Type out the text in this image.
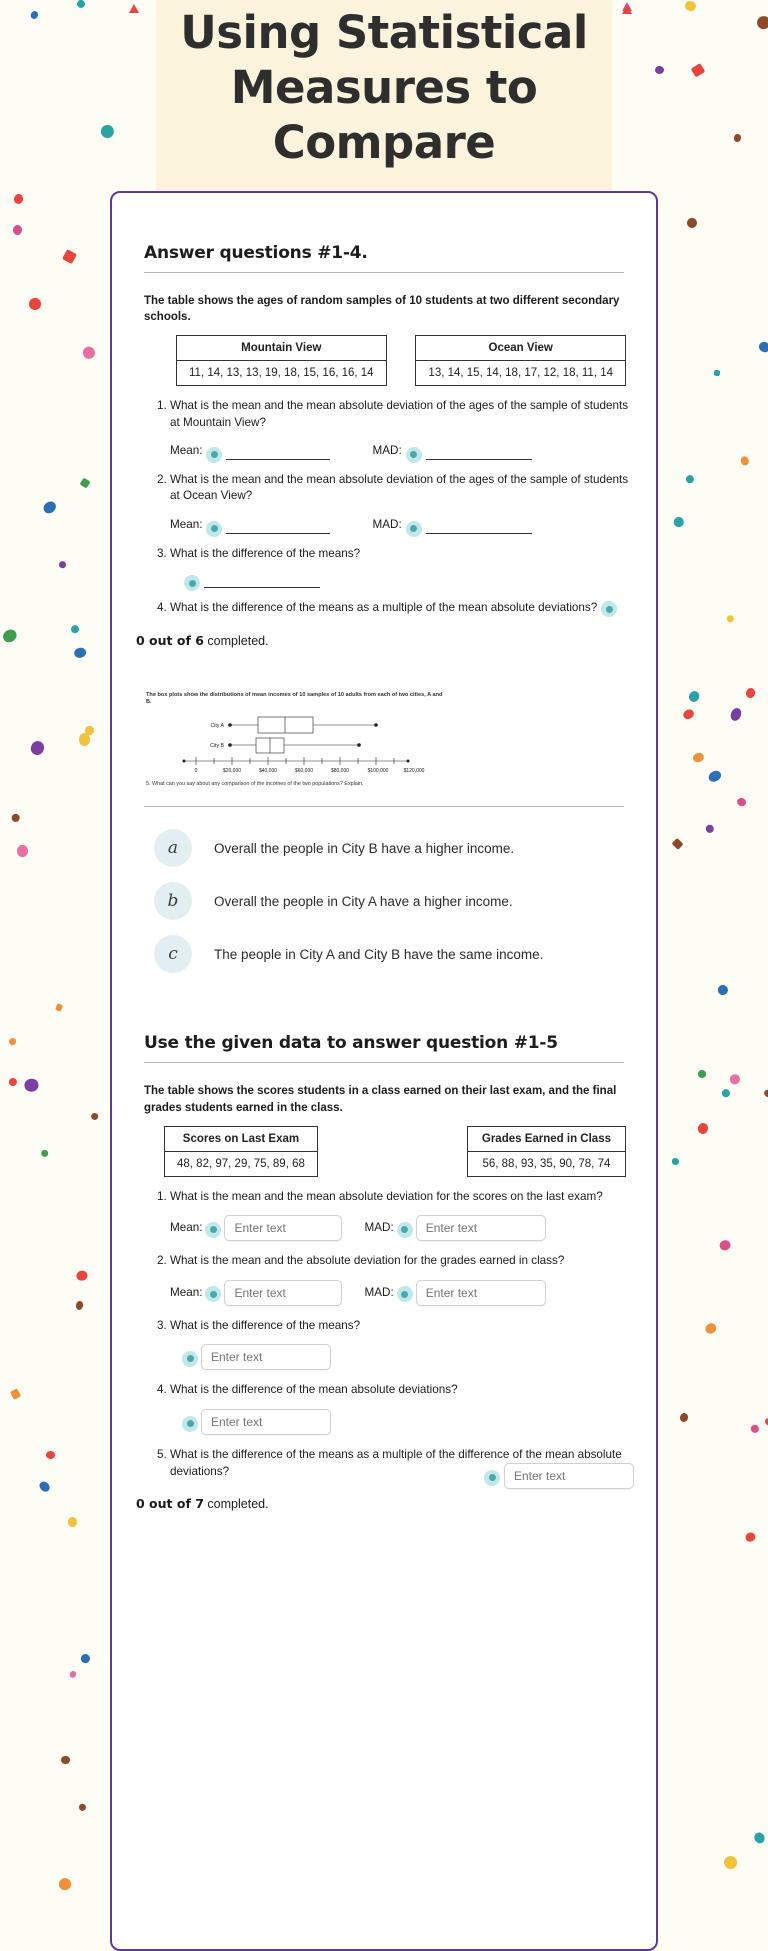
Using Statistical Measures to Compare
Answer questions #1-4.

The table shows the ages of random samples of 10 students at two different secondary schools.

Mountain View
11, 14, 13, 13, 19, 18, 15, 16, 16, 14
Ocean View
13, 14, 15, 14, 18, 17, 12, 18, 11, 14
1. What is the mean and the mean absolute deviation of the ages of the sample of students at Mountain View?
Mean:	MAD:
2. What is the mean and the mean absolute deviation of the ages of the sample of students at Ocean View?
Mean:	MAD:
3. What is the difference of the means?
4. What is the difference of the means as a multiple of the mean absolute deviations?

0 out of 6 completed.

The box plots show the distributions of mean incomes of 10 samples of 10 adults from each of two cities, A and B.
City A
City B
0	$20,000	$40,000	$60,000	$80,000	$100,000	$120,000
5. What can you say about any comparison of the incomes of the two populations? Explain.
a	Overall the people in City B have a higher income.
b	Overall the people in City A have a higher income.
c	The people in City A and City B have the same income.
Use the given data to answer question #1-5

The table shows the scores students in a class earned on their last exam, and the final grades students earned in the class.

Scores on Last Exam
48, 82, 97, 29, 75, 89, 68
Grades Earned in Class
56, 88, 93, 35, 90, 78, 74
1. What is the mean and the mean absolute deviation for the scores on the last exam?
Mean:
Enter text	MAD:
Enter text
2. What is the mean and the absolute deviation for the grades earned in class?
Mean:
Enter text	MAD:
Enter text
3. What is the difference of the means?
Enter text
4. What is the difference of the mean absolute deviations?
Enter text
5. What is the difference of the means as a multiple of the difference of the mean absolute deviations?
Enter text

0 out of 7 completed.
